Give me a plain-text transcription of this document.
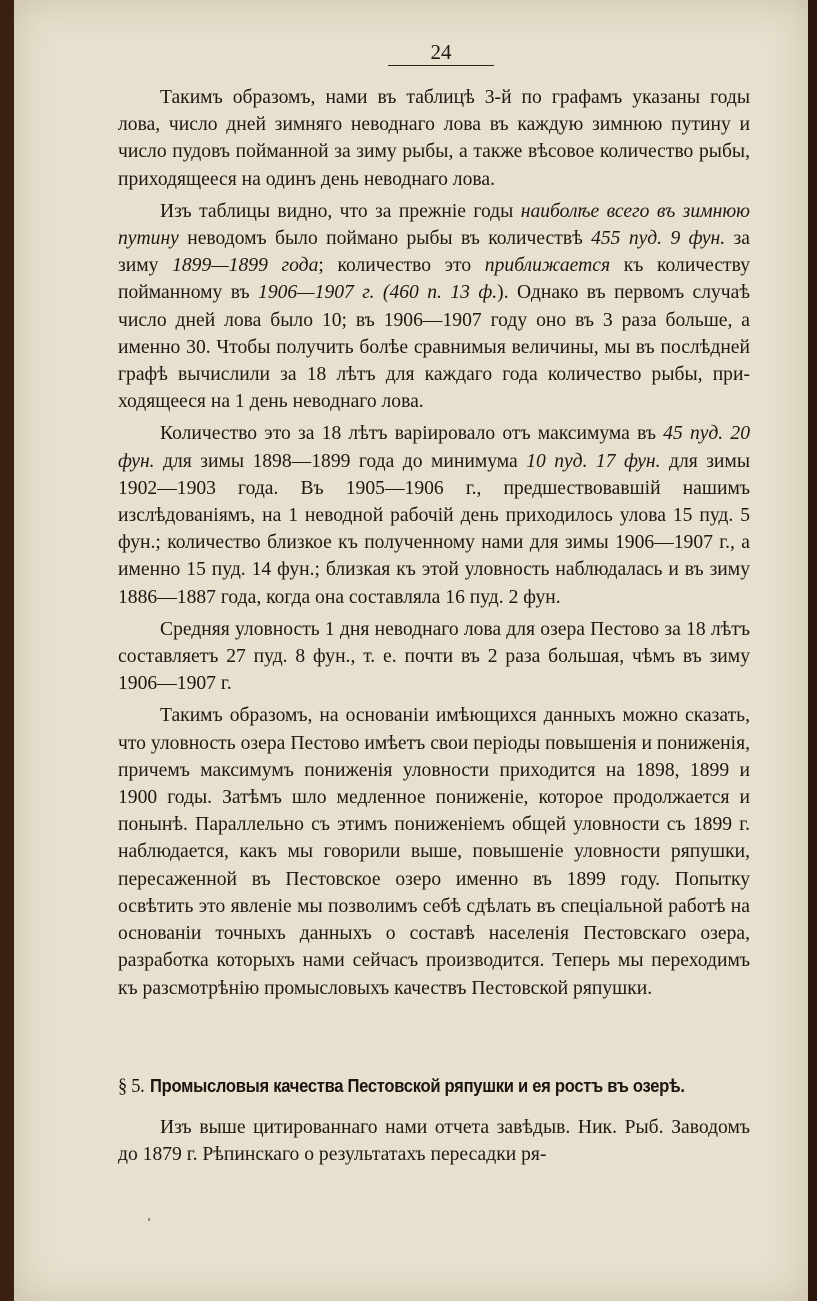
24

Такимъ образомъ, нами въ таблицѣ 3-й по графамъ указаны годы лова, число дней зимняго неводнаго лова въ каждую зимнюю путину и число пудовъ пойманной за зиму рыбы, а также вѣсовое количество рыбы, приходящееся на одинъ день неводнаго лова.

Изъ таблицы видно, что за прежнiе годы наиболѣе всего въ зимнюю путину неводомъ было поймано рыбы въ количествѣ 455 пуд. 9 фун. за зиму 1899—1899 года; количество это приближается къ количеству пойманному въ 1906—1907 г. (460 п. 13 ф.). Однако въ первомъ случаѣ число дней лова было 10; въ 1906—1907 году оно въ 3 раза больше, а именно 30. Чтобы получить болѣе сравнимыя величины, мы въ послѣдней графѣ вычислили за 18 лѣтъ для каждаго года количество рыбы, приходящееся на 1 день неводнаго лова.

Количество это за 18 лѣтъ варiировало отъ максимума въ 45 пуд. 20 фун. для зимы 1898—1899 года до минимума 10 пуд. 17 фун. для зимы 1902—1903 года. Въ 1905—1906 г., предшествовавшiй нашимъ изслѣдованiямъ, на 1 неводной рабочiй день приходилось улова 15 пуд. 5 фун.; количество близкое къ полученному нами для зимы 1906—1907 г., а именно 15 пуд. 14 фун.; близкая къ этой уловность наблюдалась и въ зиму 1886—1887 года, когда она составляла 16 пуд. 2 фун.

Средняя уловность 1 дня неводнаго лова для озера Пестово за 18 лѣтъ составляетъ 27 пуд. 8 фун., т. е. почти въ 2 раза большая, чѣмъ въ зиму 1906—1907 г.

Такимъ образомъ, на основанiи имѣющихся данныхъ можно сказать, что уловность озера Пестово имѣетъ свои перiоды повышенiя и пониженiя, причемъ максимумъ пониженiя уловности приходится на 1898, 1899 и 1900 годы. Затѣмъ шло медленное пониженiе, которое продолжается и понынѣ. Параллельно съ этимъ пониженiемъ общей уловности съ 1899 г. наблюдается, какъ мы говорили выше, повышенiе уловности ряпушки, пересаженной въ Пестовское озеро именно въ 1899 году. Попытку освѣтить это явленiе мы позволимъ себѣ сдѣлать въ спецiальной работѣ на основанiи точныхъ данныхъ о составѣ населенiя Пестовскаго озера, разработка которыхъ нами сейчасъ производится. Теперь мы переходимъ къ разсмотрѣнiю промысловыхъ качествъ Пестовской ряпушки.

§ 5. Промысловыя качества Пестовской ряпушки и ея ростъ въ озерѣ.

Изъ выше цитированнаго нами отчета завѣдыв. Ник. Рыб. Заводомъ до 1879 г. Рѣпинскаго о результатахъ пересадки ря-
